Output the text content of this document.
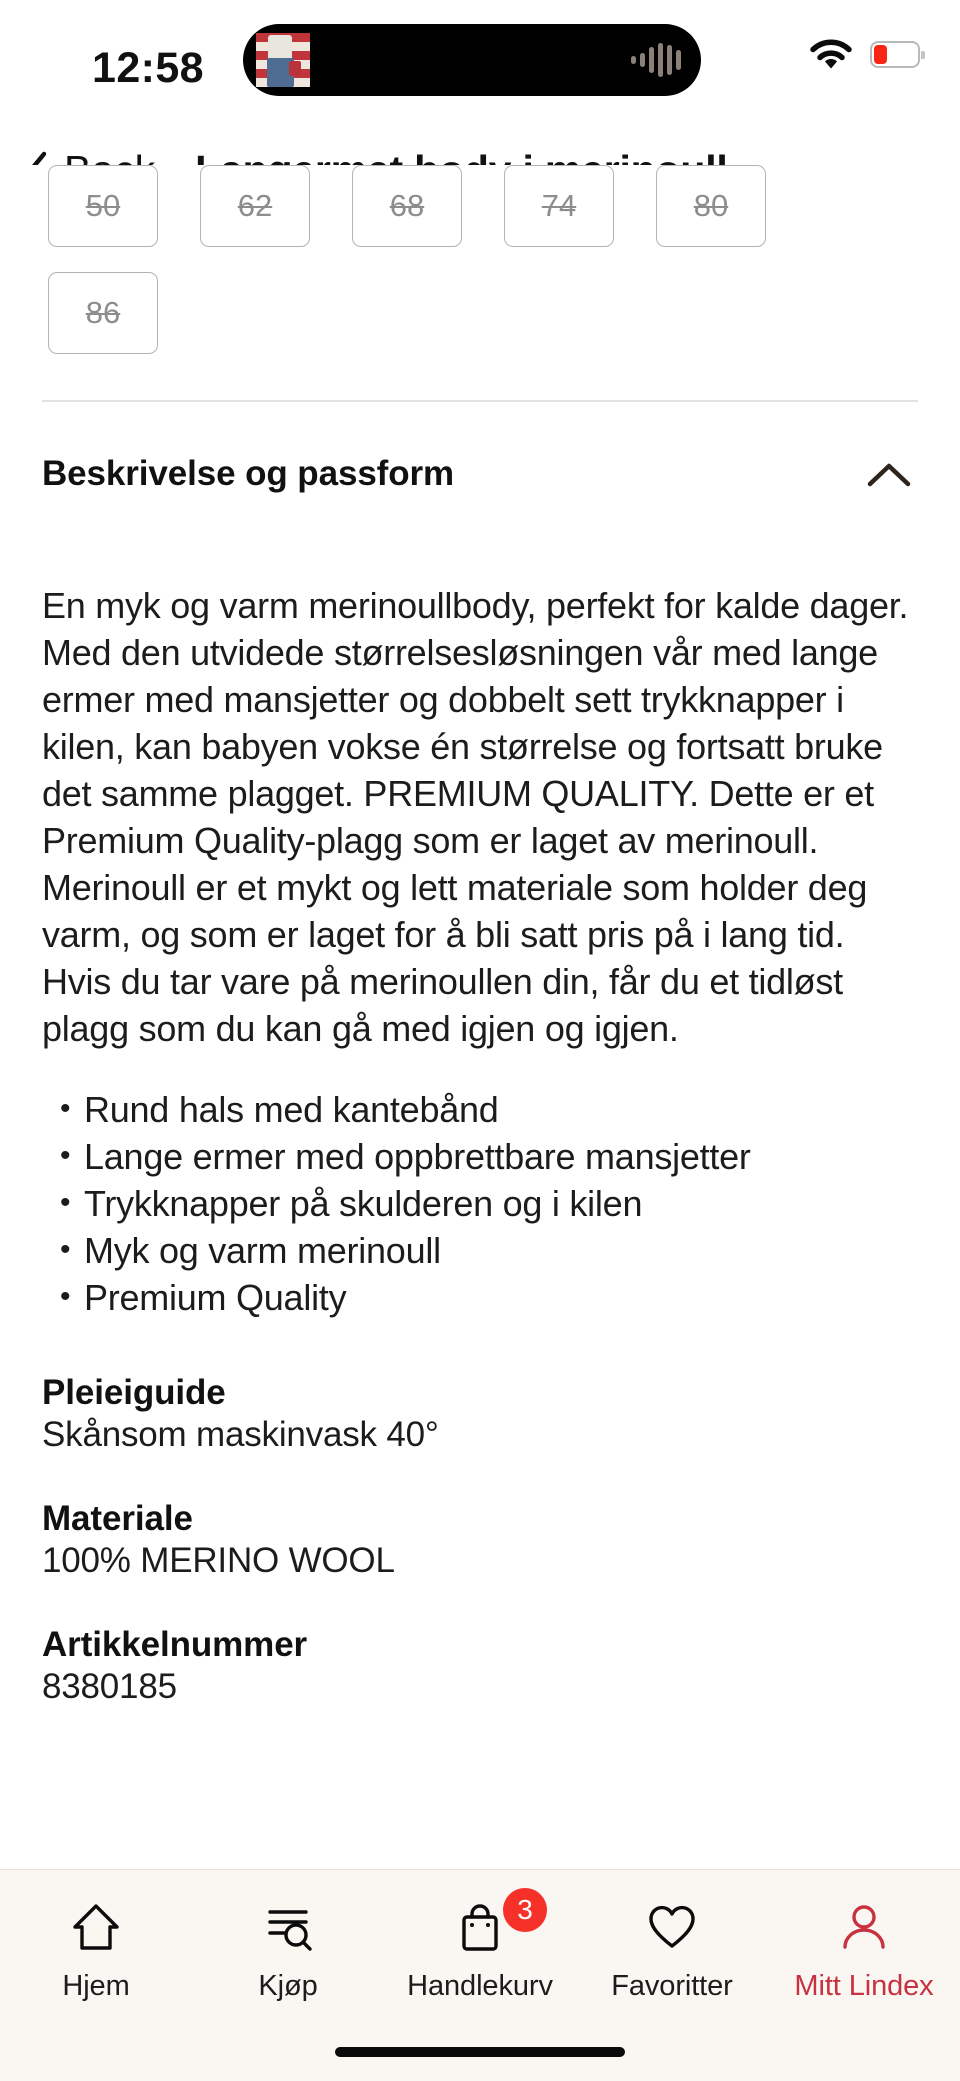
12:58
50	62	68	74	80
86
Beskrivelse og passform
En myk og varm merinoullbody, perfekt for kalde dager. Med den utvidede størrelsesløsningen vår med lange ermer med mansjetter og dobbelt sett trykknapper i kilen, kan babyen vokse én størrelse og fortsatt bruke det samme plagget. PREMIUM QUALITY. Dette er et Premium Quality-plagg som er laget av merinoull. Merinoull er et mykt og lett materiale som holder deg varm, og som er laget for å bli satt pris på i lang tid. Hvis du tar vare på merinoullen din, får du et tidløst plagg som du kan gå med igjen og igjen.
• Rund hals med kantebånd
• Lange ermer med oppbrettbare mansjetter
• Trykknapper på skulderen og i kilen
• Myk og varm merinoull
• Premium Quality
Pleieiguide
Skånsom maskinvask 40°
Materiale
100% MERINO WOOL
Artikkelnummer
8380185
Hjem	Kjøp
3
Handlekurv Favoritter Mitt Lindex
